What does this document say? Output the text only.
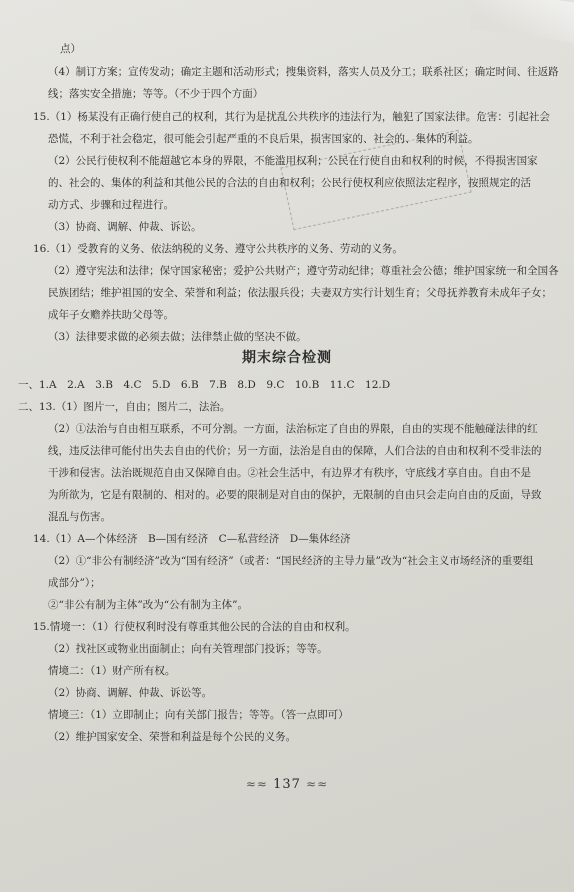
点）
（4）制订方案；宣传发动；确定主题和活动形式；搜集资料，落实人员及分工；联系社区；确定时间、往返路
线；落实安全措施；等等。（不少于四个方面）
15.（1）杨某没有正确行使自己的权利，其行为是扰乱公共秩序的违法行为，触犯了国家法律。危害：引起社会
恐慌，不利于社会稳定，很可能会引起严重的不良后果，损害国家的、社会的、集体的利益。
（2）公民行使权利不能超越它本身的界限，不能滥用权利；公民在行使自由和权利的时候，不得损害国家
的、社会的、集体的利益和其他公民的合法的自由和权利；公民行使权利应依照法定程序，按照规定的活
动方式、步骤和过程进行。
（3）协商、调解、仲裁、诉讼。
16.（1）受教育的义务、依法纳税的义务、遵守公共秩序的义务、劳动的义务。
（2）遵守宪法和法律；保守国家秘密；爱护公共财产；遵守劳动纪律；尊重社会公德；维护国家统一和全国各
民族团结；维护祖国的安全、荣誉和利益；依法服兵役；夫妻双方实行计划生育；父母抚养教育未成年子女；
成年子女赡养扶助父母等。
（3）法律要求做的必须去做；法律禁止做的坚决不做。
一、1.A　2.A　3.B　4.C　5.D　6.B　7.B　8.D　9.C　10.B　11.C　12.D
二、13.（1）图片一，自由；图片二，法治。
（2）①法治与自由相互联系，不可分割。一方面，法治标定了自由的界限，自由的实现不能触碰法律的红
线，违反法律可能付出失去自由的代价；另一方面，法治是自由的保障，人们合法的自由和权利不受非法的
干涉和侵害。法治既规范自由又保障自由。②社会生活中，有边界才有秩序，守底线才享自由。自由不是
为所欲为，它是有限制的、相对的。必要的限制是对自由的保护，无限制的自由只会走向自由的反面，导致
混乱与伤害。
14.（1）A—个体经济　B—国有经济　C—私营经济　D—集体经济
（2）①“非公有制经济”改为“国有经济”（或者：“国民经济的主导力量”改为“社会主义市场经济的重要组
成部分”）；
②“非公有制为主体”改为“公有制为主体”。
15.情境一：（1）行使权利时没有尊重其他公民的合法的自由和权利。
（2）找社区或物业出面制止；向有关管理部门投诉；等等。
情境二：（1）财产所有权。
（2）协商、调解、仲裁、诉讼等。
情境三：（1）立即制止；向有关部门报告；等等。（答一点即可）
（2）维护国家安全、荣誉和利益是每个公民的义务。
期末综合检测
≈≈ 137 ≈≈
